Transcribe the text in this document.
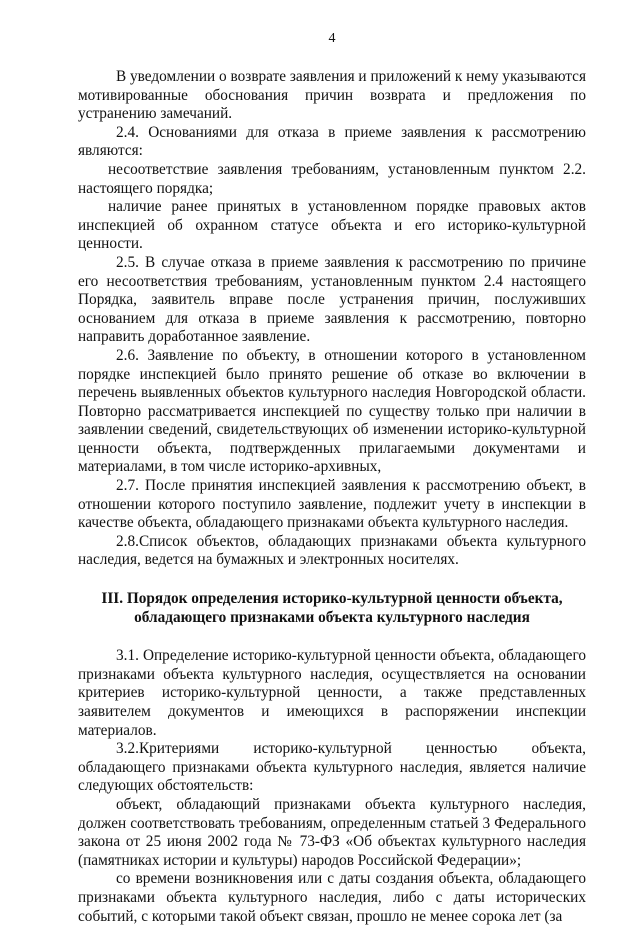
4

В уведомлении о возврате заявления и приложений к нему указываются мотивированные обоснования причин возврата и предложения по устранению замечаний.

2.4. Основаниями для отказа в приеме заявления к рассмотрению являются:

несоответствие заявления требованиям, установленным пунктом 2.2. настоящего порядка;

наличие ранее принятых в установленном порядке правовых актов инспекцией об охранном статусе объекта и его историко-культурной ценности.

2.5. В случае отказа в приеме заявления к рассмотрению по причине его несоответствия требованиям, установленным пунктом 2.4 настоящего Порядка, заявитель вправе после устранения причин, послуживших основанием для отказа в приеме заявления к рассмотрению, повторно направить доработанное заявление.

2.6. Заявление по объекту, в отношении которого в установленном порядке инспекцией было принято решение об отказе во включении в перечень выявленных объектов культурного наследия Новгородской области. Повторно рассматривается инспекцией по существу только при наличии в заявлении сведений, свидетельствующих об изменении историко-культурной ценности объекта, подтвержденных прилагаемыми документами и материалами, в том числе историко-архивных,

2.7. После принятия инспекцией заявления к рассмотрению объект, в отношении которого поступило заявление, подлежит учету в инспекции в качестве объекта, обладающего признаками объекта культурного наследия.

2.8.Список объектов, обладающих признаками объекта культурного наследия, ведется на бумажных и электронных носителях.

III. Порядок определения историко-культурной ценности объекта,
обладающего признаками объекта культурного наследия

3.1. Определение историко-культурной ценности объекта, обладающего признаками объекта культурного наследия, осуществляется на основании критериев историко-культурной ценности, а также представленных заявителем документов и имеющихся в распоряжении инспекции материалов.

3.2.Критериями историко-культурной ценностью объекта, обладающего признаками объекта культурного наследия, является наличие следующих обстоятельств:

объект, обладающий признаками объекта культурного наследия, должен соответствовать требованиям, определенным статьей 3 Федерального закона от 25 июня 2002 года № 73-ФЗ «Об объектах культурного наследия (памятниках истории и культуры) народов Российской Федерации»;

со времени возникновения или с даты создания объекта, обладающего признаками объекта культурного наследия, либо с даты исторических событий, с которыми такой объект связан, прошло не менее сорока лет (за
